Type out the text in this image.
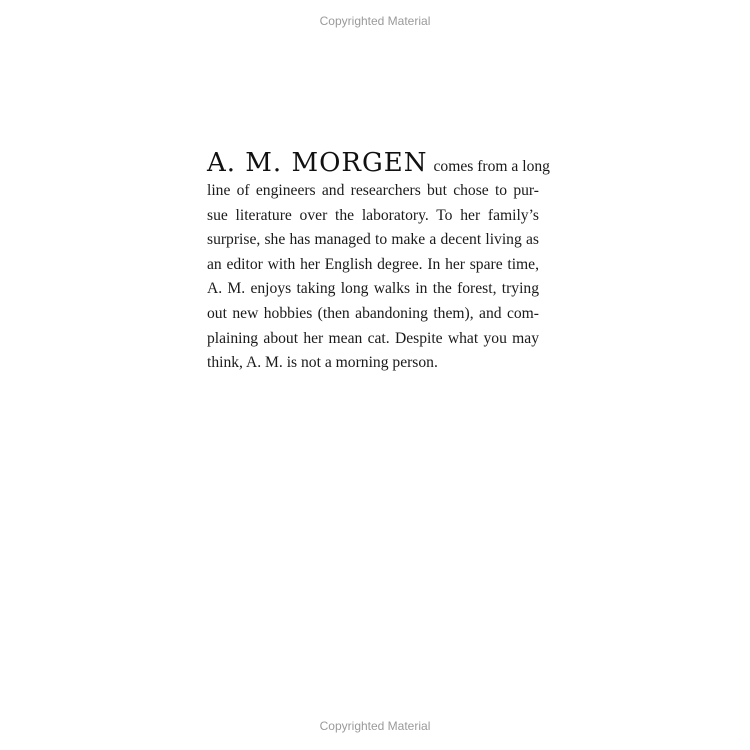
Copyrighted Material
A. M. MORGEN comes from a long
line of engineers and researchers but chose to pur-
sue literature over the laboratory. To her family’s
surprise, she has managed to make a decent living as
an editor with her English degree. In her spare time,
A. M. enjoys taking long walks in the forest, trying
out new hobbies (then abandoning them), and com-
plaining about her mean cat. Despite what you may
think, A. M. is not a morning person.
Copyrighted Material
